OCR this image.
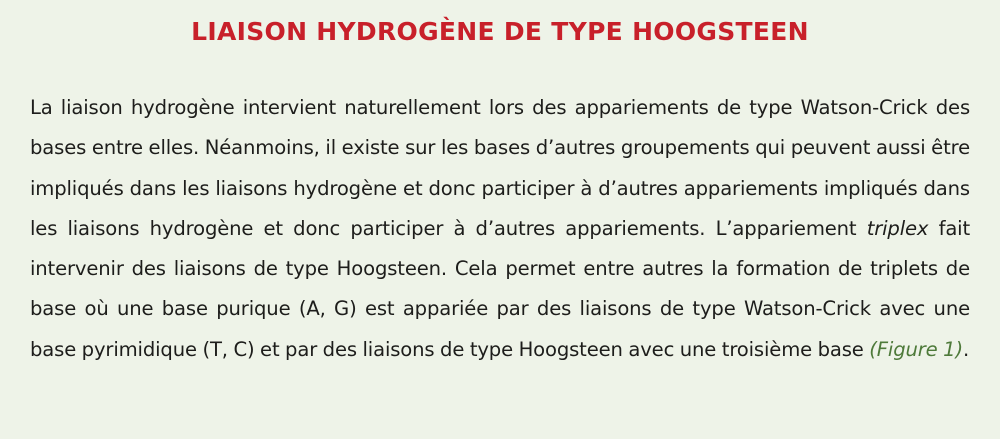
LIAISON HYDROGÈNE DE TYPE HOOGSTEEN

La liaison hydrogène intervient naturellement lors des appariements de type Watson-Crick des bases entre elles. Néanmoins, il existe sur les bases d’autres groupements qui peuvent aussi être impliqués dans les liaisons hydrogène et donc participer à d’autres appariements impliqués dans les liaisons hydrogène et donc participer à d’autres appariements. L’appariement triplex fait intervenir des liaisons de type Hoogsteen. Cela permet entre autres la formation de triplets de base où une base purique (A, G) est appariée par des liaisons de type Watson-Crick avec une base pyrimidique (T, C) et par des liaisons de type Hoogsteen avec une troisième base (Figure 1).
